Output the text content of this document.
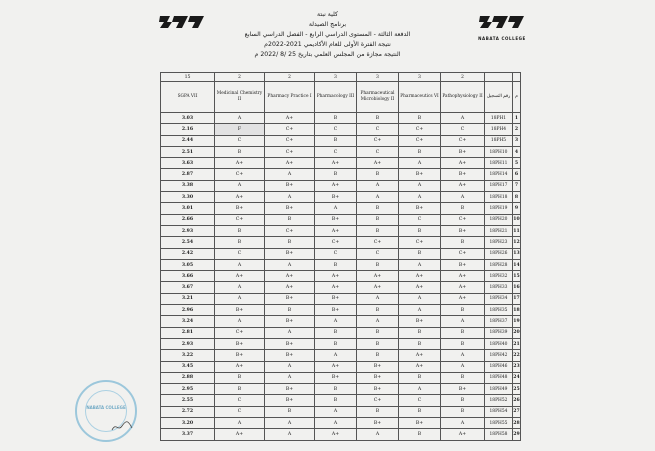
NABATA COLLEGE
كلية نبتة
برنامج الصيدلة
الدفعة الثالثة - المستوى الدراسي الرابع - الفصل الدراسي السابع
نتيجة الفترة الأولى للعام الأكاديمي 2021-2022م
النتيجة مجازة من المجلس العلمي بتاريخ 25 /8 /2022 م
15	2	2	3	3	3	2		
SGPA VII	Medicinal Chemistry II	Pharmacy Practice I	Pharmacology III	Pharmaceutical Microbiology II	Pharmaceutics VI	Pathophysiology II	رقم التسجيل	م
3.03	A	A+	B	B	B	A	18PH1	1
2.16	F	C+	C	C	C+	C	18PH4	2
2.44	C	C+	B	C+	C+	C+	18PH5	3
2.51	B	C+	C	C	B	B+	18PH10	4
3.63	A+	A+	A+	A+	A	A+	18PH11	5
2.87	C+	A	B	B	B+	B+	18PH14	6
3.38	A	B+	A+	A	A	A+	18PH17	7
3.30	A+	A	B+	A	A	A	18PH18	8
3.01	B+	B+	A	B	B+	B	18PH19	9
2.66	C+	B	B+	B	C	C+	18PH20	10
2.93	B	C+	A+	B	B	B+	18PH21	11
2.54	B	B	C+	C+	C+	B	18PH23	12
2.42	C	B+	C	C	B	C+	18PH26	13
3.05	A	A	B	B	A	B+	18PH28	14
3.66	A+	A+	A+	A+	A+	A+	18PH32	15
3.67	A	A+	A+	A+	A+	A+	18PH33	16
3.21	A	B+	B+	A	A	A+	18PH34	17
2.96	B+	B	B+	B	A	B	18PH35	18
3.24	A	B+	A	A	B+	A	18PH37	19
2.81	C+	A	B	B	B	B	18PH39	20
2.93	B+	B+	B	B	B	B	18PH40	21
3.22	B+	B+	A	B	A+	A	18PH42	22
3.45	A+	A	A+	B+	A+	A	18PH46	23
2.88	B	A	B+	B+	B	B	18PH48	24
2.95	B	B+	B	B+	A	B+	18PH49	25
2.55	C	B+	B	C+	C	B	18PH52	26
2.72	C	B	A	B	B	B	18PH54	27
3.20	A	A	A	B+	B+	A	18PH55	28
3.37	A+	A	A+	A	B	A+	18PH58	29
NABATA COLLEGE
